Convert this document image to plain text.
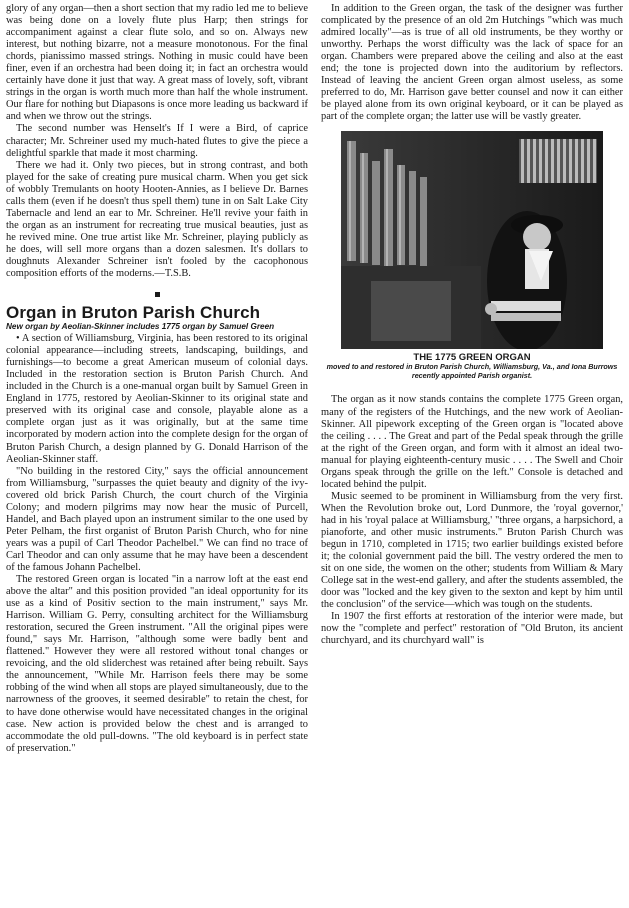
glory of any organ—then a short section that my radio led me to believe was being done on a lovely flute plus Harp; then strings for accompaniment against a clear flute solo, and so on. Always new interest, but nothing bizarre, not a measure monotonous. For the final chords, pianissimo massed strings. Nothing in music could have been finer, even if an orchestra had been doing it; in fact an orchestra would certainly have done it just that way. A great mass of lovely, soft, vibrant strings in the organ is worth much more than half the whole instrument. Our flare for nothing but Diapasons is once more leading us backward if and when we throw out the strings.

The second number was Henselt's If I were a Bird, of caprice character; Mr. Schreiner used my much-hated flutes to give the piece a delightful sparkle that made it most charming.

There we had it. Only two pieces, but in strong contrast, and both played for the sake of creating pure musical charm. When you get sick of wobbly Tremulants on hooty Hooten-Annies, as I believe Dr. Barnes calls them (even if he doesn't thus spell them) tune in on Salt Lake City Tabernacle and lend an ear to Mr. Schreiner. He'll revive your faith in the organ as an instrument for recreating true musical beauties, just as he revived mine. One true artist like Mr. Schreiner, playing publicly as he does, will sell more organs than a dozen salesmen. It's dollars to doughnuts Alexander Schreiner isn't fooled by the cacophonous composition efforts of the moderns.—T.S.B.

Organ in Bruton Parish Church
New organ by Aeolian-Skinner includes 1775 organ by Samuel Green

• A section of Williamsburg, Virginia, has been restored to its original colonial appearance—including streets, landscaping, buildings, and furnishings—to become a great American museum of colonial days. Included in the restoration section is Bruton Parish Church. And included in the Church is a one-manual organ built by Samuel Green in England in 1775, restored by Aeolian-Skinner to its original state and preserved with its original case and console, playable alone as a complete organ just as it was originally, but at the same time incorporated by modern action into the complete design for the organ of Bruton Parish Church, a design planned by G. Donald Harrison of the Aeolian-Skinner staff.

"No building in the restored City," says the official announcement from Williamsburg, "surpasses the quiet beauty and dignity of the ivy-covered old brick Parish Church, the court church of the Virginia Colony; and modern pilgrims may now hear the music of Purcell, Handel, and Bach played upon an instrument similar to the one used by Peter Pelham, the first organist of Bruton Parish Church, who for nine years was a pupil of Carl Theodor Pachelbel." We can find no trace of Carl Theodor and can only assume that he may have been a descendent of the famous Johann Pachelbel.

The restored Green organ is located "in a narrow loft at the east end above the altar" and this position provided "an ideal opportunity for its use as a kind of Positiv section to the main instrument," says Mr. Harrison. William G. Perry, consulting architect for the Williamsburg restoration, secured the Green instrument. "All the original pipes were found," says Mr. Harrison, "although some were badly bent and flattened." However they were all restored without tonal changes or revoicing, and the old sliderchest was retained after being rebuilt. Says the announcement, "While Mr. Harrison feels there may be some robbing of the wind when all stops are played simultaneously, due to the narrowness of the grooves, it seemed desirable" to retain the chest, for to have done otherwise would have necessitated changes in the original case. New action is provided below the chest and is arranged to accommodate the old pull-downs. "The old keyboard is in perfect state of preservation."

In addition to the Green organ, the task of the designer was further complicated by the presence of an old 2m Hutchings "which was much admired locally"—as is true of all old instruments, be they worthy or unworthy. Perhaps the worst difficulty was the lack of space for an organ. Chambers were prepared above the ceiling and also at the east end; the tone is projected down into the auditorium by reflectors. Instead of leaving the ancient Green organ almost useless, as some preferred to do, Mr. Harrison gave better counsel and now it can either be played alone from its own original keyboard, or it can be played as part of the complete organ; the latter use will be vastly greater.

THE 1775 GREEN ORGAN
moved to and restored in Bruton Parish Church, Williamsburg, Va., and Iona Burrows recently appointed Parish organist.

The organ as it now stands contains the complete 1775 Green organ, many of the registers of the Hutchings, and the new work of Aeolian-Skinner. All pipework excepting of the Green organ is "located above the ceiling . . . . The Great and part of the Pedal speak through the grille at the right of the Green organ, and form with it almost an ideal two-manual for playing eighteenth-century music . . . . The Swell and Choir Organs speak through the grille on the left." Console is detached and located behind the pulpit.

Music seemed to be prominent in Williamsburg from the very first. When the Revolution broke out, Lord Dunmore, the 'royal governor,' had in his 'royal palace at Williamsburg,' "three organs, a harpsichord, a pianoforte, and other music instruments." Bruton Parish Church was begun in 1710, completed in 1715; two earlier buildings existed before it; the colonial government paid the bill. The vestry ordered the men to sit on one side, the women on the other; students from William & Mary College sat in the west-end gallery, and after the students assembled, the door was "locked and the key given to the sexton and kept by him until the conclusion" of the service—which was tough on the students.

In 1907 the first efforts at restoration of the interior were made, but now the "complete and perfect" restoration of "Old Bruton, its ancient churchyard, and its churchyard wall" is
